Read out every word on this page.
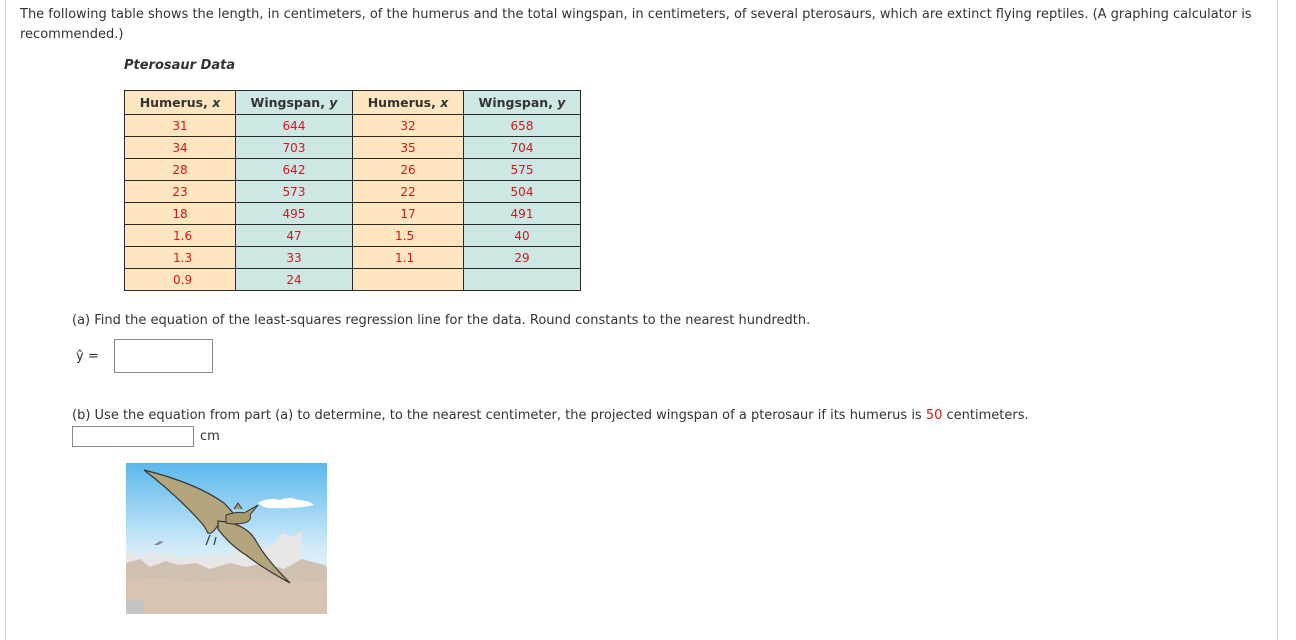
The following table shows the length, in centimeters, of the humerus and the total wingspan, in centimeters, of several pterosaurs, which are extinct flying reptiles. (A graphing calculator is recommended.)
Pterosaur Data
Humerus, x	Wingspan, y	Humerus, x	Wingspan, y
31	644	32	658
34	703	35	704
28	642	26	575
23	573	22	504
18	495	17	491
1.6	47	1.5	40
1.3	33	1.1	29
0.9	24		
(a) Find the equation of the least-squares regression line for the data. Round constants to the nearest hundredth.
ŷ =
(b) Use the equation from part (a) to determine, to the nearest centimeter, the projected wingspan of a pterosaur if its humerus is 50 centimeters.
cm
